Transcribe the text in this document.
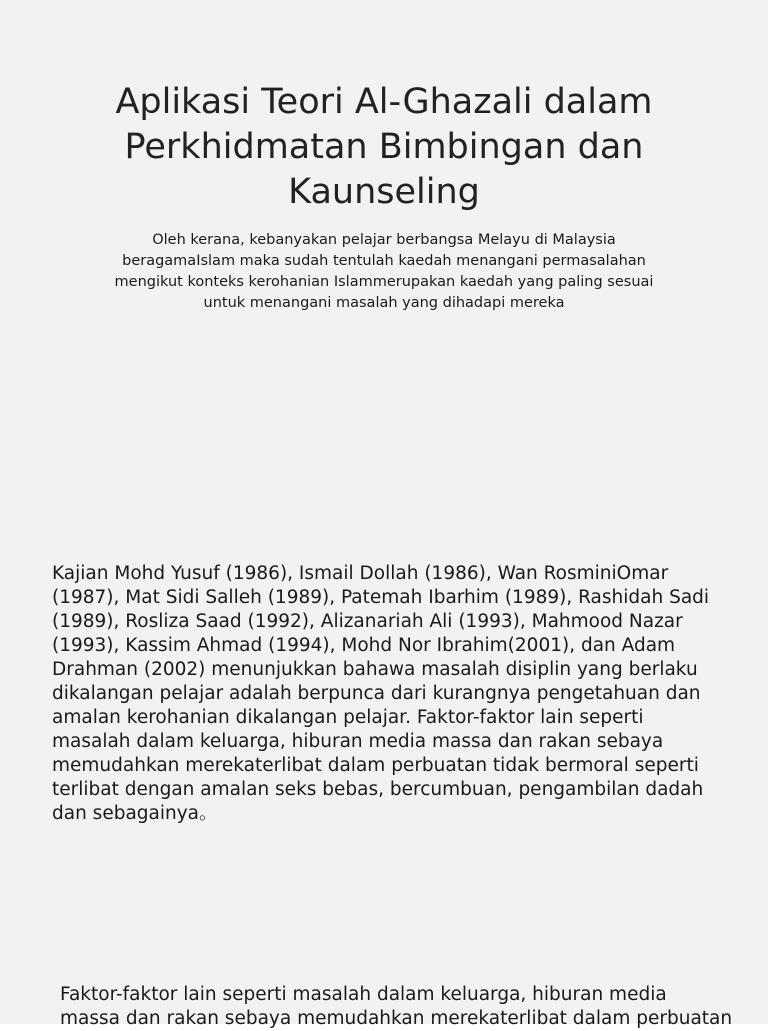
Aplikasi Teori Al-Ghazali dalam Perkhidmatan Bimbingan dan Kaunseling

Oleh kerana, kebanyakan pelajar berbangsa Melayu di Malaysia beragamaIslam maka sudah tentulah kaedah menangani permasalahan mengikut konteks kerohanian Islammerupakan kaedah yang paling sesuai untuk menangani masalah yang dihadapi mereka

Kajian Mohd Yusuf (1986), Ismail Dollah (1986), Wan RosminiOmar (1987), Mat Sidi Salleh (1989), Patemah Ibarhim (1989), Rashidah Sadi (1989), Rosliza Saad (1992), Alizanariah Ali (1993), Mahmood Nazar (1993), Kassim Ahmad (1994), Mohd Nor Ibrahim(2001), dan Adam Drahman (2002) menunjukkan bahawa masalah disiplin yang berlaku dikalangan pelajar adalah berpunca dari kurangnya pengetahuan dan amalan kerohanian dikalangan pelajar. Faktor-faktor lain seperti masalah dalam keluarga, hiburan media massa dan rakan sebaya memudahkan merekaterlibat dalam perbuatan tidak bermoral seperti terlibat dengan amalan seks bebas, bercumbuan, pengambilan dadah dan sebagainya。

Faktor-faktor lain seperti masalah dalam keluarga, hiburan media
massa dan rakan sebaya memudahkan merekaterlibat dalam perbuatan
